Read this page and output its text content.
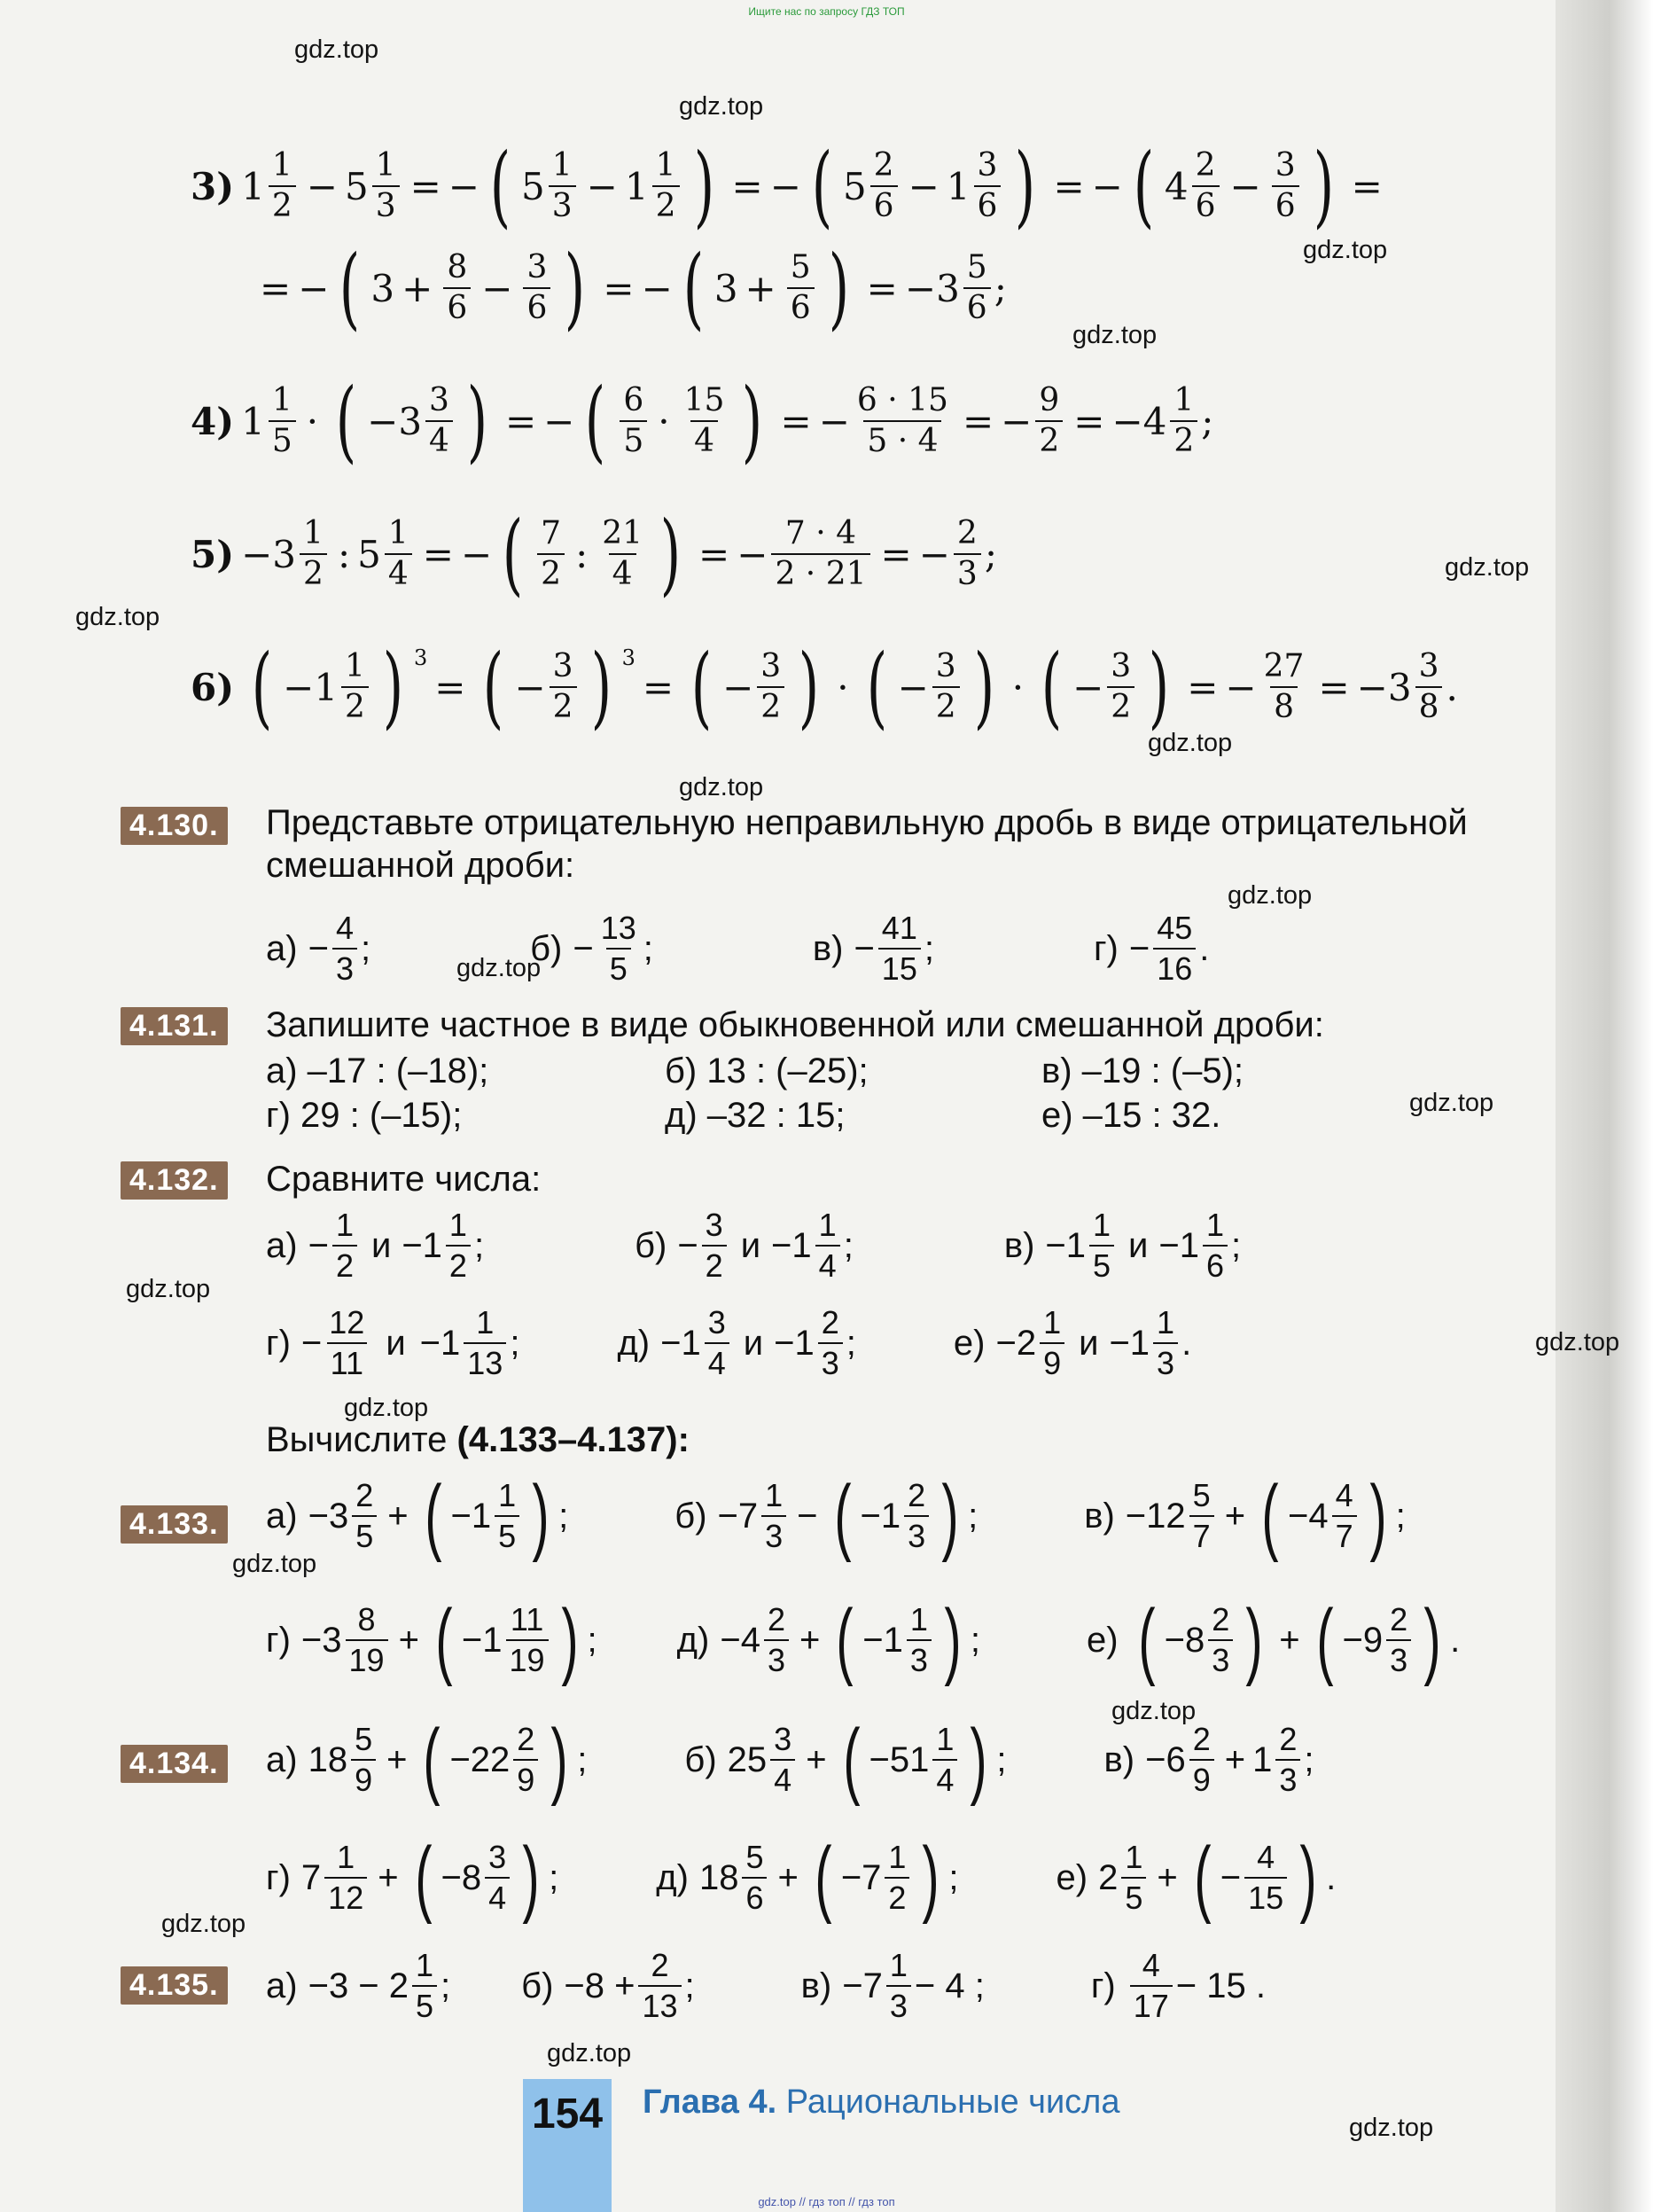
Ищите нас по запросу ГДЗ ТОП
gdz.top
gdz.top
gdz.top
gdz.top
gdz.top
gdz.top
gdz.top
gdz.top
gdz.top
gdz.top
gdz.top
gdz.top
gdz.top
gdz.top
gdz.top
gdz.top
gdz.top
gdz.top
gdz.top
3) $1 \frac{1}{2} - 5 \frac{1}{3}$ = − ( $5 \frac{1}{3} - 1 \frac{1}{2}$ ) = − ( $5 \frac{2}{6} - 1 \frac{3}{6}$ ) = − ( $4 \frac{2}{6} - \frac{3}{6}$ ) =
= − ( $3 + \frac{8}{6} - \frac{3}{6}$ ) = − ( $3 + \frac{5}{6}$ ) = $-3 \frac{5}{6}$ ;
4) $1 \frac{1}{5}$ · ( $-3 \frac{3}{4}$ ) = − ( $\frac{6}{5} \cdot \frac{15}{4}$ ) = − $\frac{6 \cdot 15}{5 \cdot 4}$ = − $\frac{9}{2} = -4 \frac{1}{2}$ ;
$5) -3 \frac{1}{2}$ : $5 \frac{1}{4}$ = − ( $\frac{7}{2}$ : $\frac{21}{4}$ ) = − $\frac{7 \cdot 4}{2 \cdot 21}$ = − $\frac{2}{3}$ ;
6) ( $-1 \frac{1}{2}$ ) 3
= ( − $\frac{3}{2}$ ) 3
= ( − $\frac{3}{2}$ ) · ( − $\frac{3}{2}$ ) · ( − $\frac{3}{2}$ ) = − $\frac{27}{8} = -3 \frac{3}{8}$ .
4.130. Представьте отрицательную неправильную дробь в виде отрицательной смешанной дроби:
$а) - \frac{4}{3}$ ;	$б) - \frac{13}{5}$ ;	$в) - \frac{41}{15}$ ;	$г) - \frac{45}{16}$ .
4.131. Запишите частное в виде обыкновенной или смешанной дроби:
а) –17 : (–18);	б) 13 : (–25);	в) –19 : (–5);
г) 29 : (–15);	д) –32 : 15;	е) –15 : 32.
4.132. Сравните числа:
$а) - \frac{1}{2}$ $и -1 \frac{1}{2}$ ;	$б) - \frac{3}{2}$ $и -1 \frac{1}{4}$ ;	$в) -1 \frac{1}{5}$ $и -1 \frac{1}{6}$ ;
$г) - \frac{12}{11}$ $и -1 \frac{1}{13}$ ;	$д) -1 \frac{3}{4}$ $и -1 \frac{2}{3}$ ;	$е) -2 \frac{1}{9}$ $и -1 \frac{1}{3}$ .
Вычислите (4.133–4.137):
4.133. $а) -3 \frac{2}{5}$ + ( $-1 \frac{1}{5}$ ) ;	$б) -7 \frac{1}{3}$ − ( $-1 \frac{2}{3}$ ) ;	$в) -12 \frac{5}{7}$ + ( $-4 \frac{4}{7}$ ) ;
$г) -3 \frac{8}{19}$ + ( $-1 \frac{11}{19}$ ) ; $д) -4 \frac{2}{3}$ + ( $-1 \frac{1}{3}$ ) ;	е) ( $-8 \frac{2}{3}$ ) + ( $-9 \frac{2}{3}$ ) .
4.134. а) $18 \frac{5}{9}$ + ( $-22 \frac{2}{9}$ ) ;	б) $25 \frac{3}{4}$ + ( $-51 \frac{1}{4}$ ) ;	$в) -6 \frac{2}{9} + 1 \frac{2}{3}$ ;
г) $7 \frac{1}{12}$ + ( $-8 \frac{3}{4}$ ) ;	д) $18 \frac{5}{6}$ + ( $-7 \frac{1}{2}$ ) ;	е) $2 \frac{1}{5}$ + ( − $\frac{4}{15}$ ) .
4.135. $а) -3 - 2 \frac{1}{5}$ ; $б) -8 + \frac{2}{13}$ ;	$в) -7 \frac{1}{3} - 4$ ;	$г) \frac{4}{17} - 15$ .
154 Глава 4. Рациональные числа
gdz.top // гдз топ // гдз топ
